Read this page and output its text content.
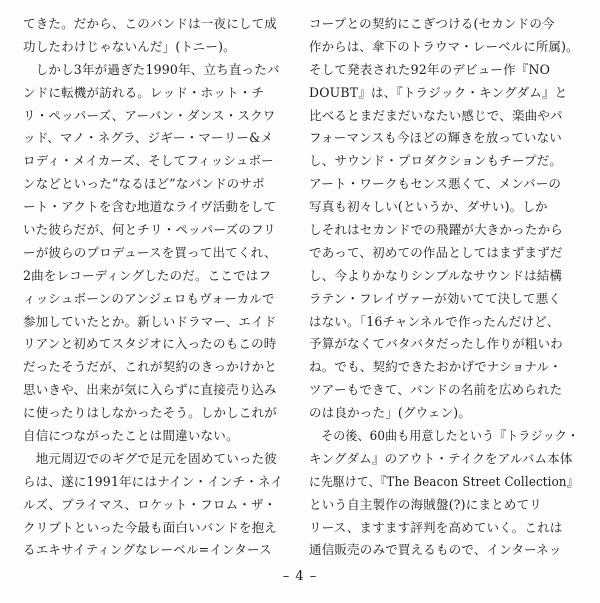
てきた。だから、このバンドは一夜にして成
功したわけじゃないんだ」(トニー)。
　しかし3年が過ぎた1990年、立ち直ったバ
ンドに転機が訪れる。レッド・ホット・チ
リ・ペッパーズ、アーバン・ダンス・スクワ
ッド、マノ・ネグラ、ジギー・マーリー&メ
ロディ・メイカーズ、そしてフィッシュボー
ンなどといった“なるほど”なバンドのサポ
ート・アクトを含む地道なライヴ活動をして
いた彼らだが、何とチリ・ペッパーズのフリ
ーが彼らのプロデュースを買って出てくれ、
2曲をレコーディングしたのだ。ここではフ
ィッシュボーンのアンジェロもヴォーカルで
参加していたとか。新しいドラマー、エイド
リアンと初めてスタジオに入ったのもこの時
だったそうだが、これが契約のきっかけかと
思いきや、出来が気に入らずに直接売り込み
に使ったりはしなかったそう。しかしこれが
自信につながったことは間違いない。
　地元周辺でのギグで足元を固めていった彼
らは、遂に1991年にはナイン・インチ・ネイ
ルズ、プライマス、ロケット・フロム・ザ・
クリプトといった今最も面白いバンドを抱え
るエキサイティングなレーベル=インタース
コープとの契約にこぎつける(セカンドの今
作からは、傘下のトラウマ・レーベルに所属)。
そして発表された92年のデビュー作『NO
DOUBT』は、『トラジック・キングダム』と
比べるとまだまだいなたい感じで、楽曲やパ
フォーマンスも今ほどの輝きを放っていない
し、サウンド・プロダクションもチープだ。
アート・ワークもセンス悪くて、メンバーの
写真も初々しい(というか、ダサい)。しか
しそれはセカンドでの飛躍が大きかったから
であって、初めての作品としてはまずまずだ
し、今よりかなりシンプルなサウンドは結構
ラテン・フレイヴァーが効いてて決して悪く
はない。「16チャンネルで作ったんだけど、
予算がなくてバタバタだったし作りが粗いわ
ね。でも、契約できたおかげでナショナル・
ツアーもできて、バンドの名前を広められた
のは良かった」(グウェン)。
　その後、60曲も用意したという『トラジック・
キングダム』のアウト・テイクをアルバム本体
に先駆けて、『The Beacon Street Collection』
という自主製作の海賊盤(?)にまとめてリ
リース、ますます評判を高めていく。これは
通信販売のみで買えるもので、インターネッ
– 4 –
